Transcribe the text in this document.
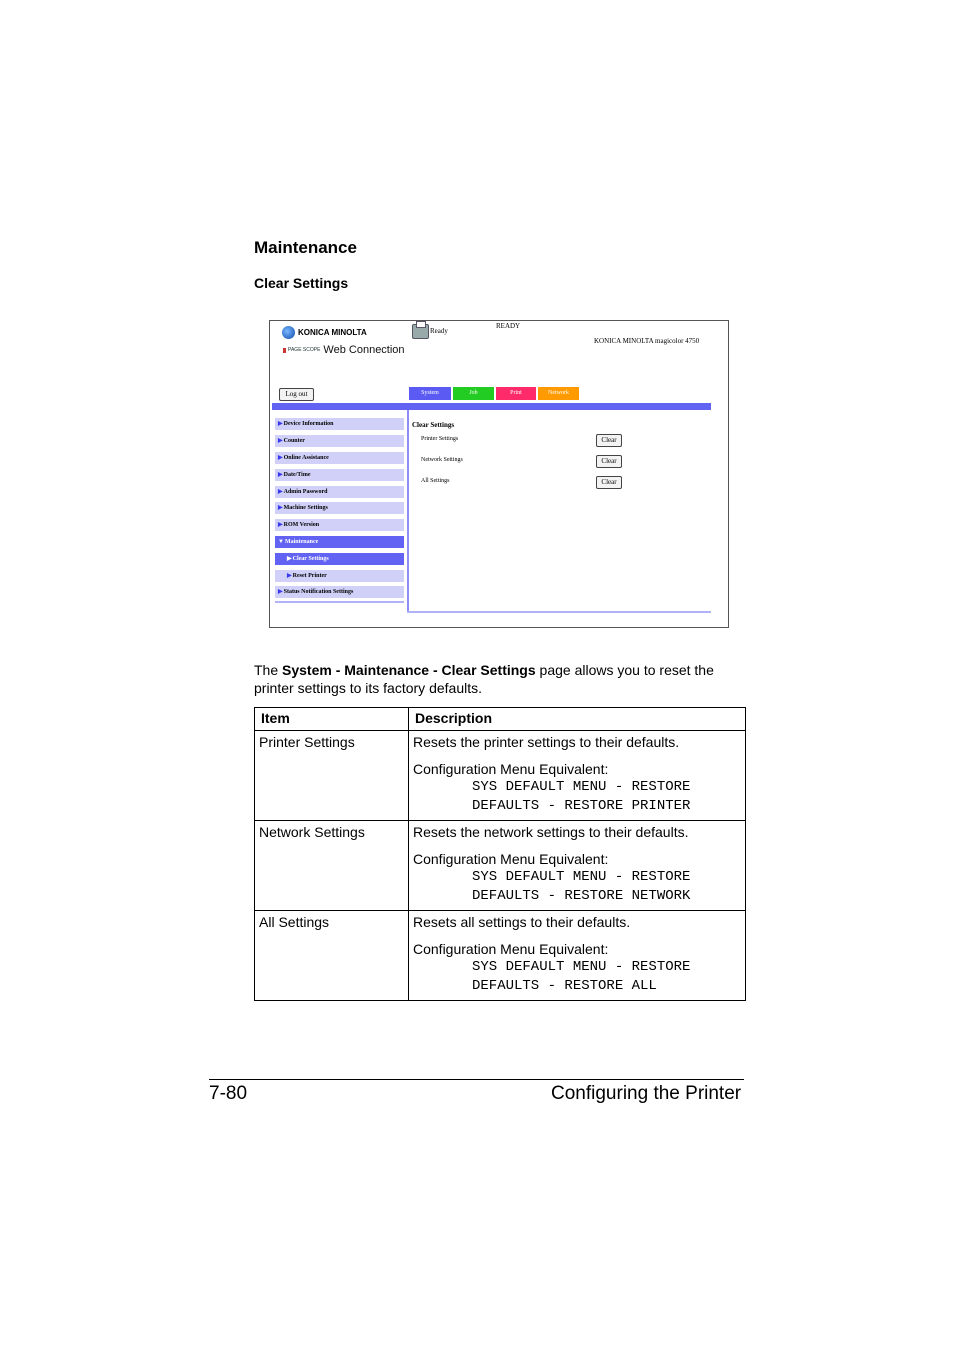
Maintenance
Clear Settings
KONICA MINOLTA
PAGE SCOPE Web Connection
Ready
READY
KONICA MINOLTA magicolor 4750
Log out	System	Job	Print	Network
▶Device Information
▶Counter
▶Online Assistance
▶Date/Time
▶Admin Password
▶Machine Settings
▶ROM Version
▼Maintenance
▶Clear Settings
▶Reset Printer
▶Status Notification Settings
Clear Settings
Printer Settings	Clear
Network Settings	Clear
All Settings	Clear
The System - Maintenance - Clear Settings page allows you to reset the printer settings to its factory defaults.
Item	Description
Printer Settings	Resets the printer settings to their defaults.
Configuration Menu Equivalent:
SYS DEFAULT MENU - RESTORE
DEFAULTS - RESTORE PRINTER

Network Settings	Resets the network settings to their defaults.
Configuration Menu Equivalent:
SYS DEFAULT MENU - RESTORE
DEFAULTS - RESTORE NETWORK

All Settings	Resets all settings to their defaults.
Configuration Menu Equivalent:
SYS DEFAULT MENU - RESTORE
DEFAULTS - RESTORE ALL
7-80	Configuring the Printer
